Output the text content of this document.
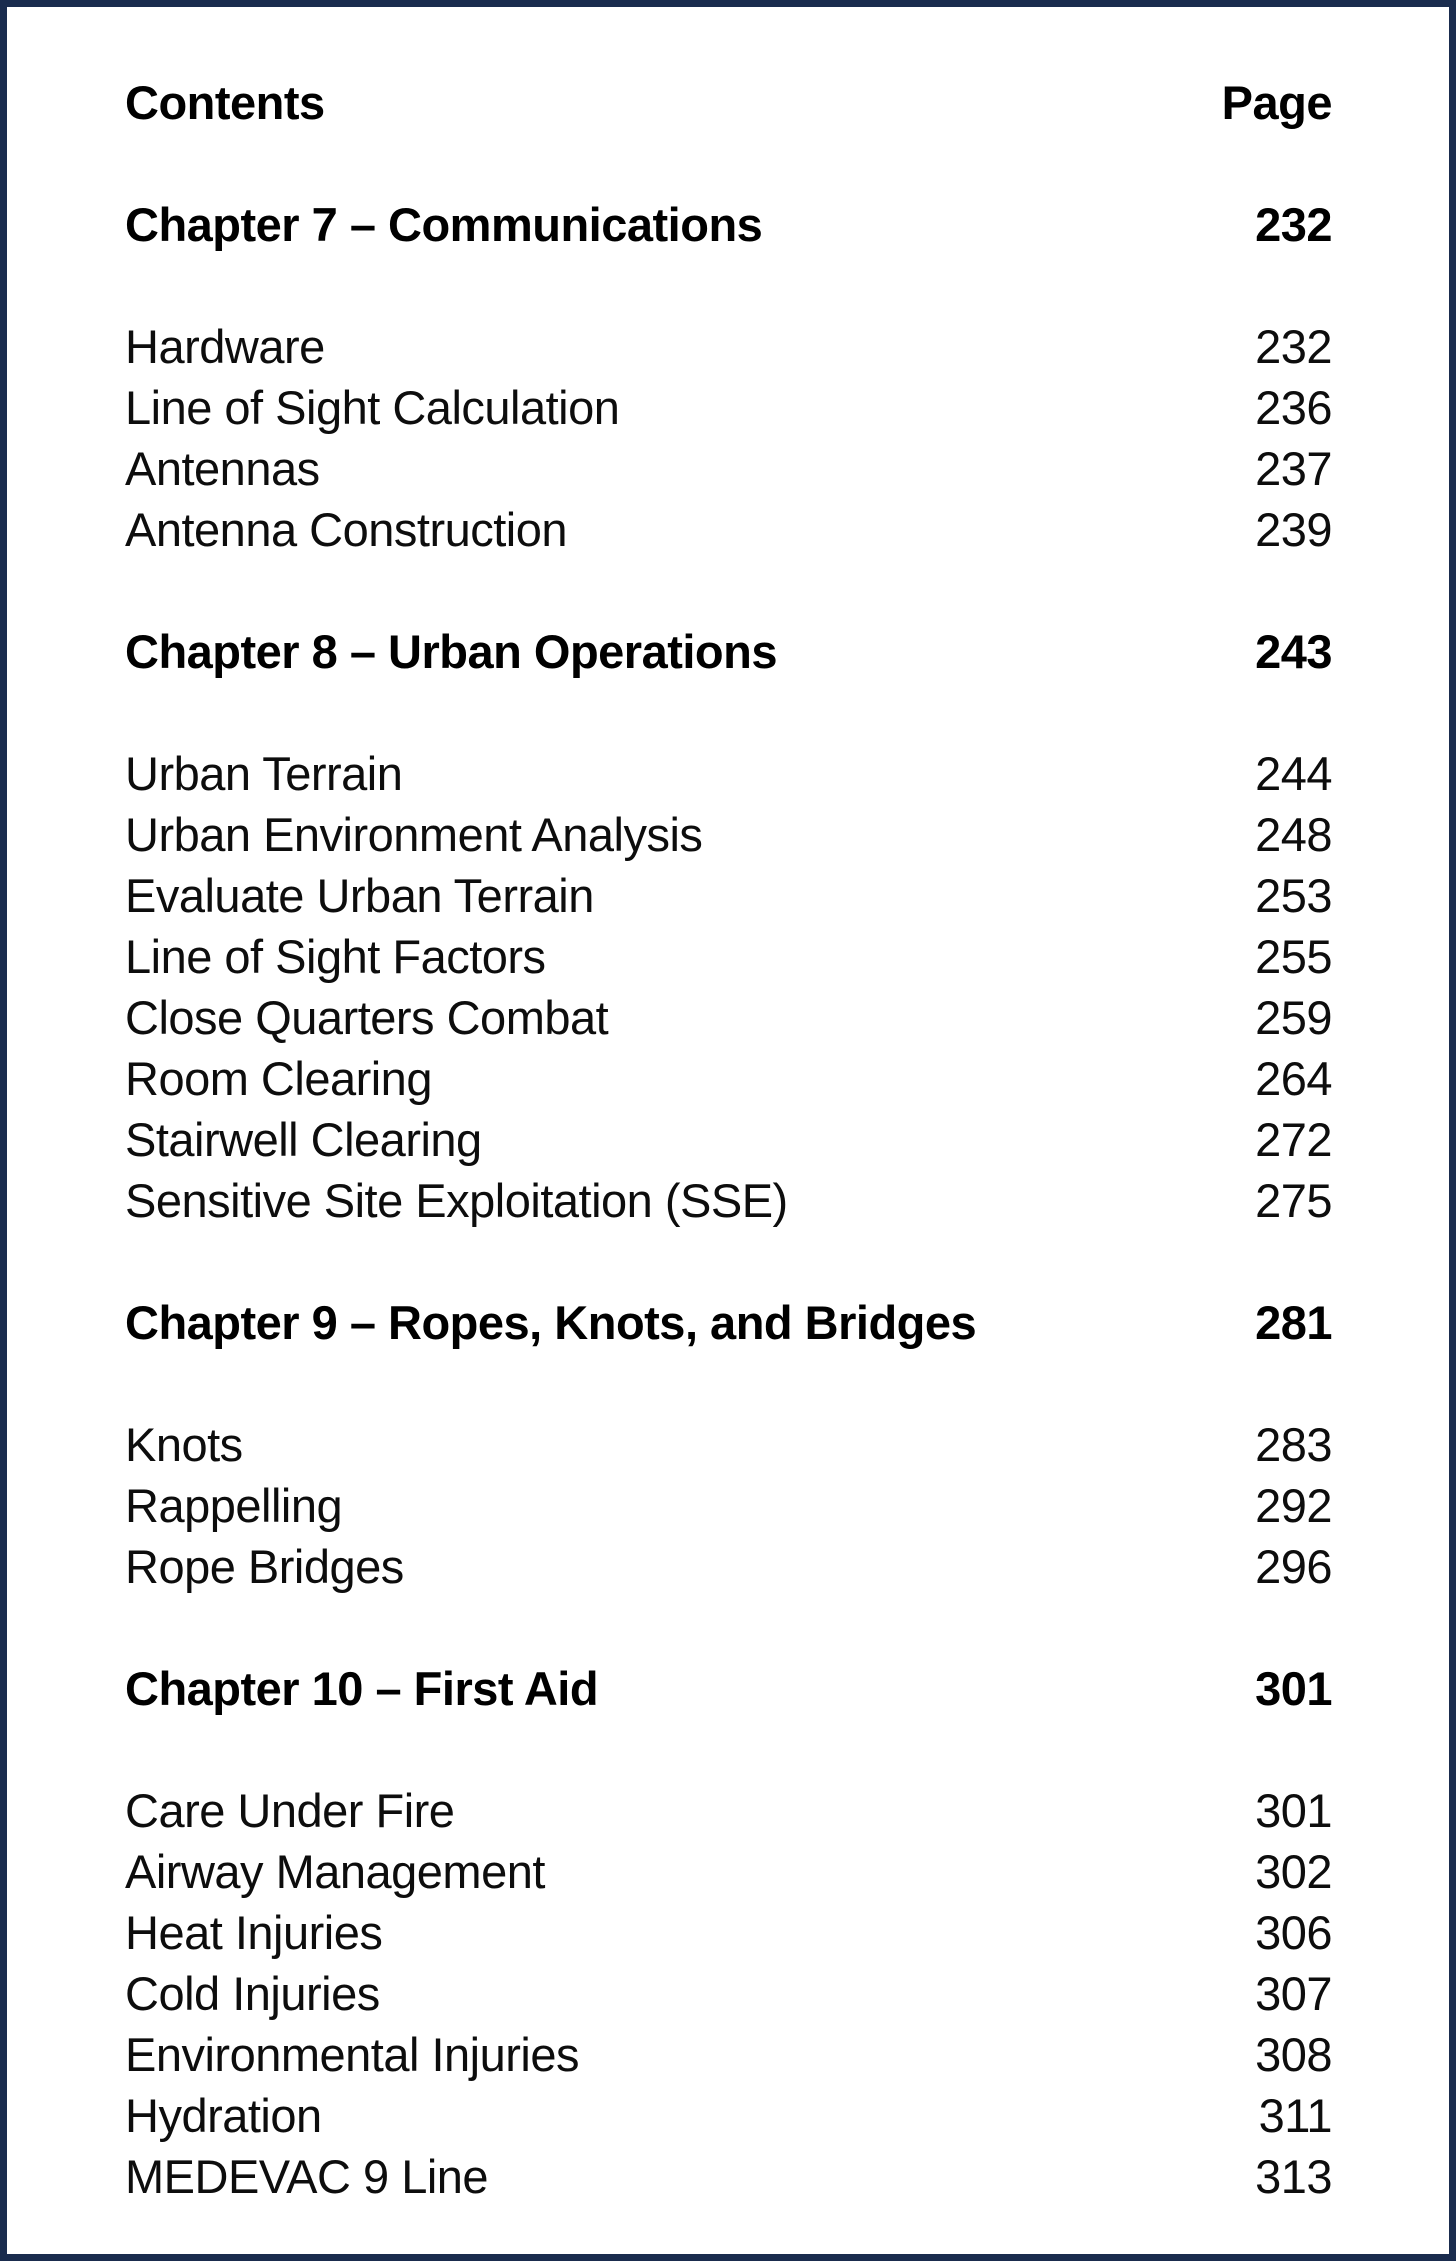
Contents	Page
Chapter 7 – Communications	232
Hardware	232
Line of Sight Calculation	236
Antennas	237
Antenna Construction	239
Chapter 8 – Urban Operations	243
Urban Terrain	244
Urban Environment Analysis	248
Evaluate Urban Terrain	253
Line of Sight Factors	255
Close Quarters Combat	259
Room Clearing	264
Stairwell Clearing	272
Sensitive Site Exploitation (SSE)	275
Chapter 9 – Ropes, Knots, and Bridges	281
Knots	283
Rappelling	292
Rope Bridges	296
Chapter 10 – First Aid	301
Care Under Fire	301
Airway Management	302
Heat Injuries	306
Cold Injuries	307
Environmental Injuries	308
Hydration	311
MEDEVAC 9 Line	313
